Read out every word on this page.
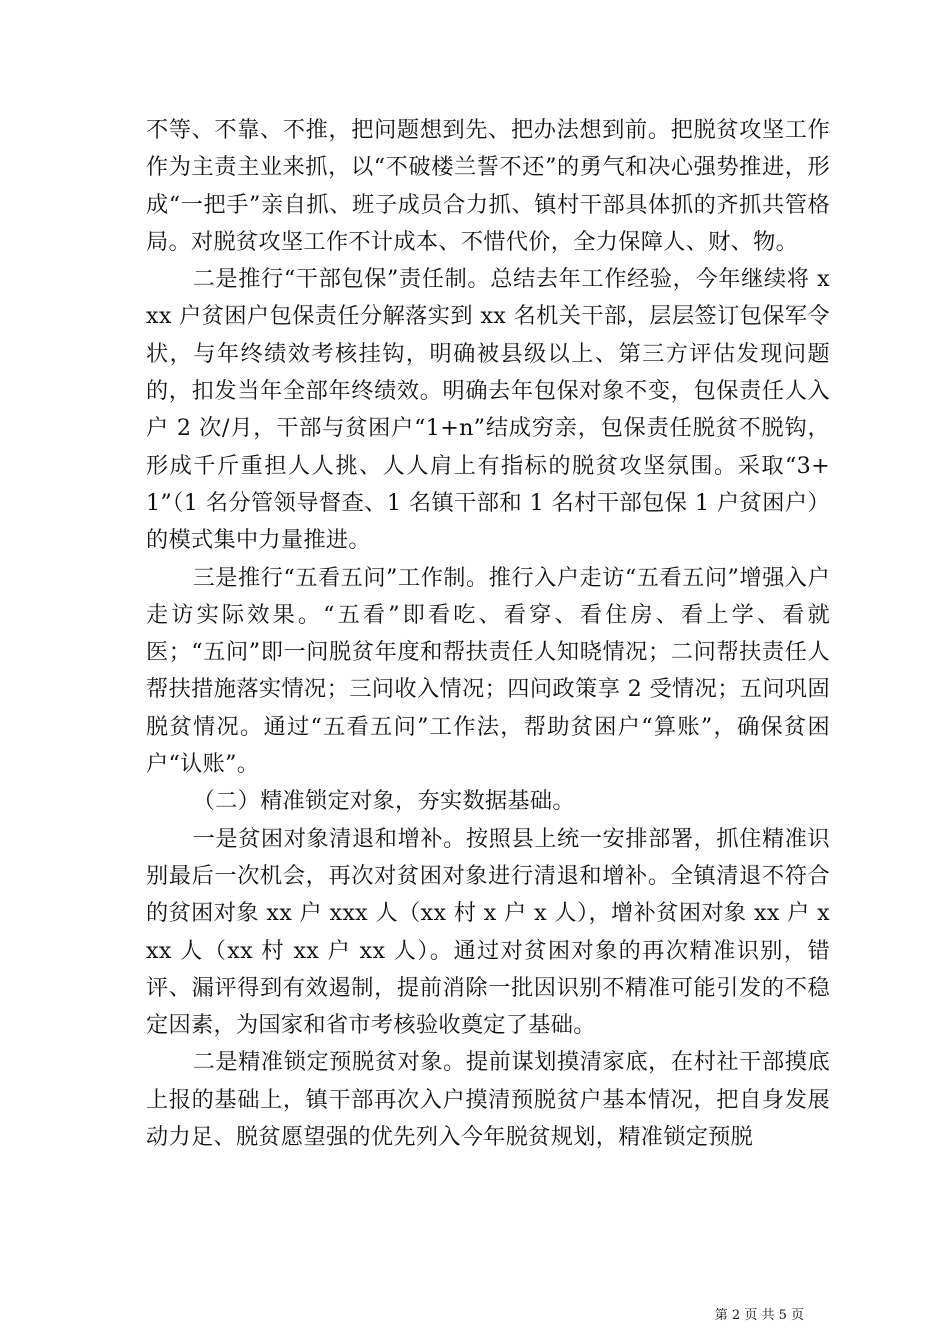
不等、不靠、不推，把问题想到先、把办法想到前。把脱贫攻坚工作作为主责主业来抓，以“不破楼兰誓不还”的勇气和决心强势推进，形成“一把手”亲自抓、班子成员合力抓、镇村干部具体抓的齐抓共管格局。对脱贫攻坚工作不计成本、不惜代价，全力保障人、财、物。

二是推行“干部包保”责任制。总结去年工作经验，今年继续将 xxx 户贫困户包保责任分解落实到 xx 名机关干部，层层签订包保军令状，与年终绩效考核挂钩，明确被县级以上、第三方评估发现问题的，扣发当年全部年终绩效。明确去年包保对象不变，包保责任人入户 2 次/月，干部与贫困户“1+n”结成穷亲，包保责任脱贫不脱钩，形成千斤重担人人挑、人人肩上有指标的脱贫攻坚氛围。采取“3+1”（1 名分管领导督查、1 名镇干部和 1 名村干部包保 1 户贫困户）的模式集中力量推进。

三是推行“五看五问”工作制。推行入户走访“五看五问”增强入户走访实际效果。“五看”即看吃、看穿、看住房、看上学、看就医；“五问”即一问脱贫年度和帮扶责任人知晓情况；二问帮扶责任人帮扶措施落实情况；三问收入情况；四问政策享 2 受情况；五问巩固脱贫情况。通过“五看五问”工作法，帮助贫困户“算账”，确保贫困户“认账”。

（二）精准锁定对象，夯实数据基础。

一是贫困对象清退和增补。按照县上统一安排部署，抓住精准识别最后一次机会，再次对贫困对象进行清退和增补。全镇清退不符合的贫困对象 xx 户 xxx 人（xx 村 x 户 x 人），增补贫困对象 xx 户 xxx 人（xx 村 xx 户 xx 人）。通过对贫困对象的再次精准识别，错评、漏评得到有效遏制，提前消除一批因识别不精准可能引发的不稳定因素，为国家和省市考核验收奠定了基础。

二是精准锁定预脱贫对象。提前谋划摸清家底，在村社干部摸底上报的基础上，镇干部再次入户摸清预脱贫户基本情况，把自身发展动力足、脱贫愿望强的优先列入今年脱贫规划，精准锁定预脱

第 2 页 共 5 页
